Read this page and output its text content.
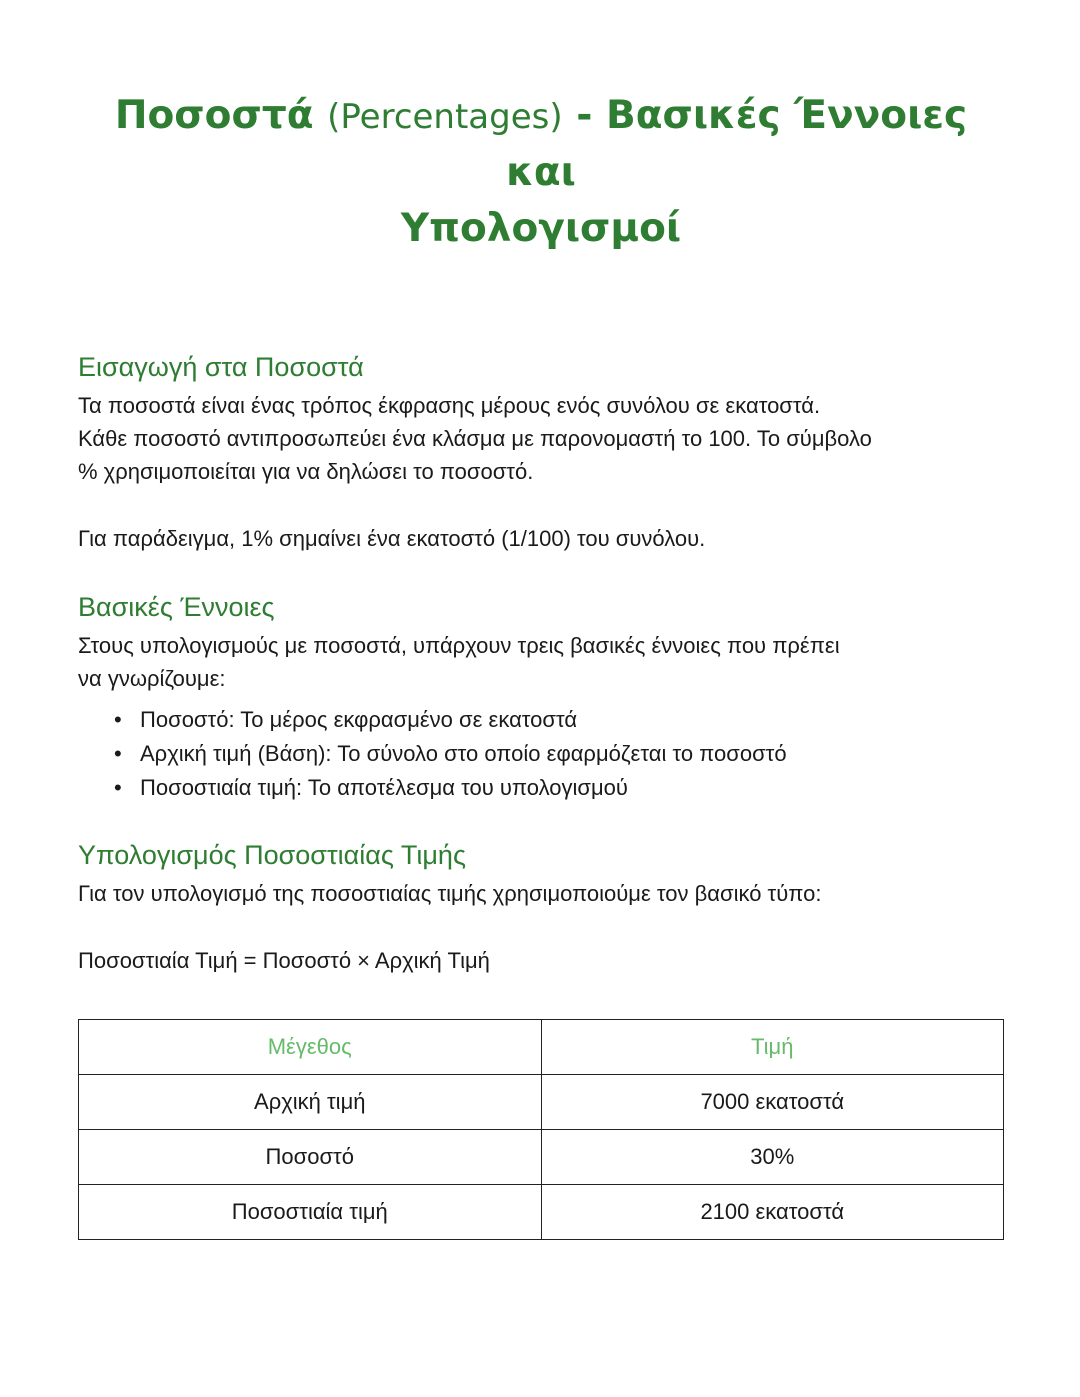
Ποσοστά (Percentages) - Βασικές Έννοιες και
Υπολογισμοί
Εισαγωγή στα Ποσοστά

Τα ποσοστά είναι ένας τρόπος έκφρασης μέρους ενός συνόλου σε εκατοστά.

Κάθε ποσοστό αντιπροσωπεύει ένα κλάσμα με παρονομαστή το 100. Το σύμβολο

% χρησιμοποιείται για να δηλώσει το ποσοστό.

Για παράδειγμα, 1% σημαίνει ένα εκατοστό (1/100) του συνόλου.

Βασικές Έννοιες

Στους υπολογισμούς με ποσοστά, υπάρχουν τρεις βασικές έννοιες που πρέπει

να γνωρίζουμε:

• Ποσοστό: Το μέρος εκφρασμένο σε εκατοστά
• Αρχική τιμή (Βάση): Το σύνολο στο οποίο εφαρμόζεται το ποσοστό
• Ποσοστιαία τιμή: Το αποτέλεσμα του υπολογισμού
Υπολογισμός Ποσοστιαίας Τιμής

Για τον υπολογισμό της ποσοστιαίας τιμής χρησιμοποιούμε τον βασικό τύπο:

Ποσοστιαία Τιμή = Ποσοστό × Αρχική Τιμή

Μέγεθος	Τιμή
Αρχική τιμή	7000 εκατοστά
Ποσοστό	30%
Ποσοστιαία τιμή	2100 εκατοστά
